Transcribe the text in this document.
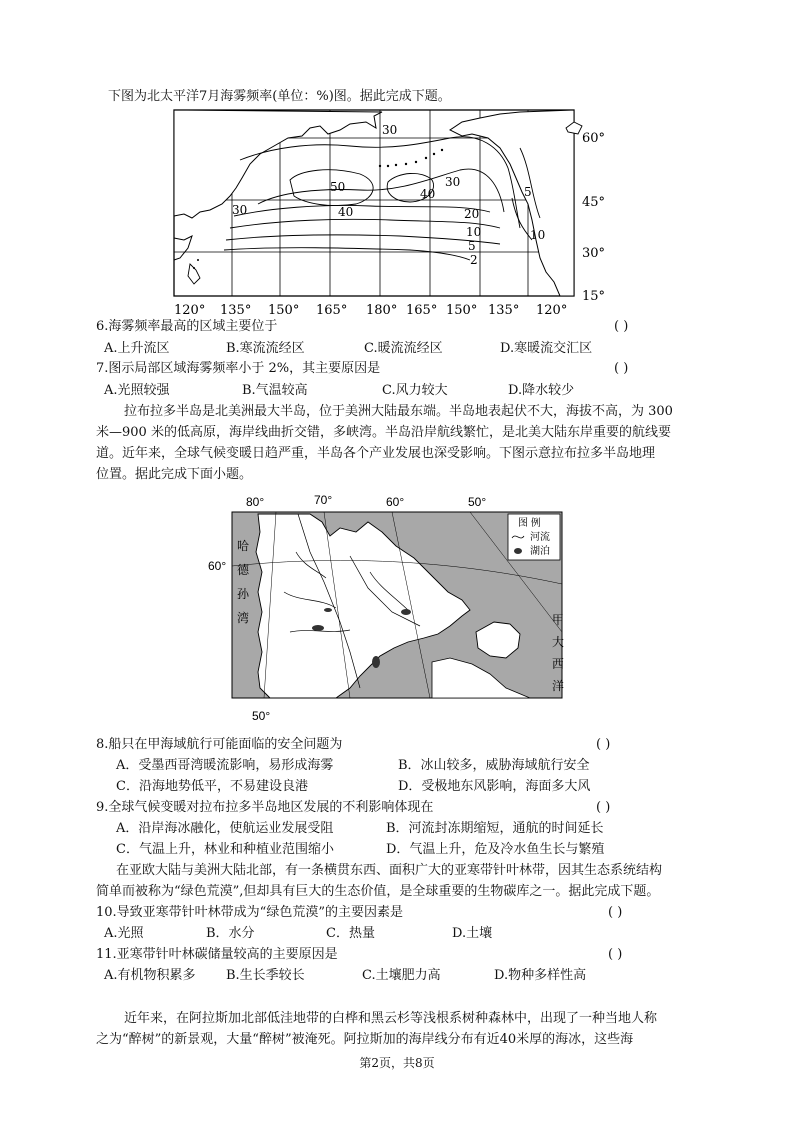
下图为北太平洋7月海雾频率(单位：%)图。据此完成下题。
30
50
40
30
40
30
20
10
5
2
5
10
60°
45°
30°
15°
120° 135° 150° 165° 180° 165° 150° 135° 120°
6.海雾频率最高的区域主要位于	( )
A.上升流区	B.寒流流经区	C.暖流流经区	D.寒暖流交汇区
7.图示局部区域海雾频率小于 2%，其主要原因是	( )
A.光照较强	B.气温较高	C.风力较大	D.降水较少
拉布拉多半岛是北美洲最大半岛，位于美洲大陆最东端。半岛地表起伏不大，海拔不高，为 300
米—900 米的低高原，海岸线曲折交错，多峡湾。半岛沿岸航线繁忙，是北美大陆东岸重要的航线要
道。近年来，全球气候变暖日趋严重，半岛各个产业发展也深受影响。下图示意拉布拉多半岛地理
位置。据此完成下面小题。
80°	70°	60°	50°
60°
50°
哈
德
孙
湾	甲
大
西
洋
图 例
河流
湖泊
8.船只在甲海域航行可能面临的安全问题为	( )
A．受墨西哥湾暖流影响，易形成海雾	B．冰山较多，威胁海域航行安全
C．沿海地势低平，不易建设良港	D．受极地东风影响，海面多大风
9.全球气候变暖对拉布拉多半岛地区发展的不利影响体现在	( )
A．沿岸海冰融化，使航运业发展受阻	B．河流封冻期缩短，通航的时间延长
C．气温上升，林业和种植业范围缩小	D．气温上升，危及冷水鱼生长与繁殖
在亚欧大陆与美洲大陆北部，有一条横贯东西、面积广大的亚寒带针叶林带，因其生态系统结构
简单而被称为“绿色荒漠”,但却具有巨大的生态价值，是全球重要的生物碳库之一。据此完成下题。
10.导致亚寒带针叶林带成为“绿色荒漠”的主要因素是	( )
A.光照	B．水分	C．热量	D.土壤
11.亚寒带针叶林碳储量较高的主要原因是	( )
A.有机物积累多 B.生长季较长	C.土壤肥力高	D.物种多样性高
近年来，在阿拉斯加北部低洼地带的白桦和黑云杉等浅根系树种森林中，出现了一种当地人称
之为“醉树”的新景观，大量“醉树”被淹死。阿拉斯加的海岸线分布有近40米厚的海冰，这些海
第2页，共8页
